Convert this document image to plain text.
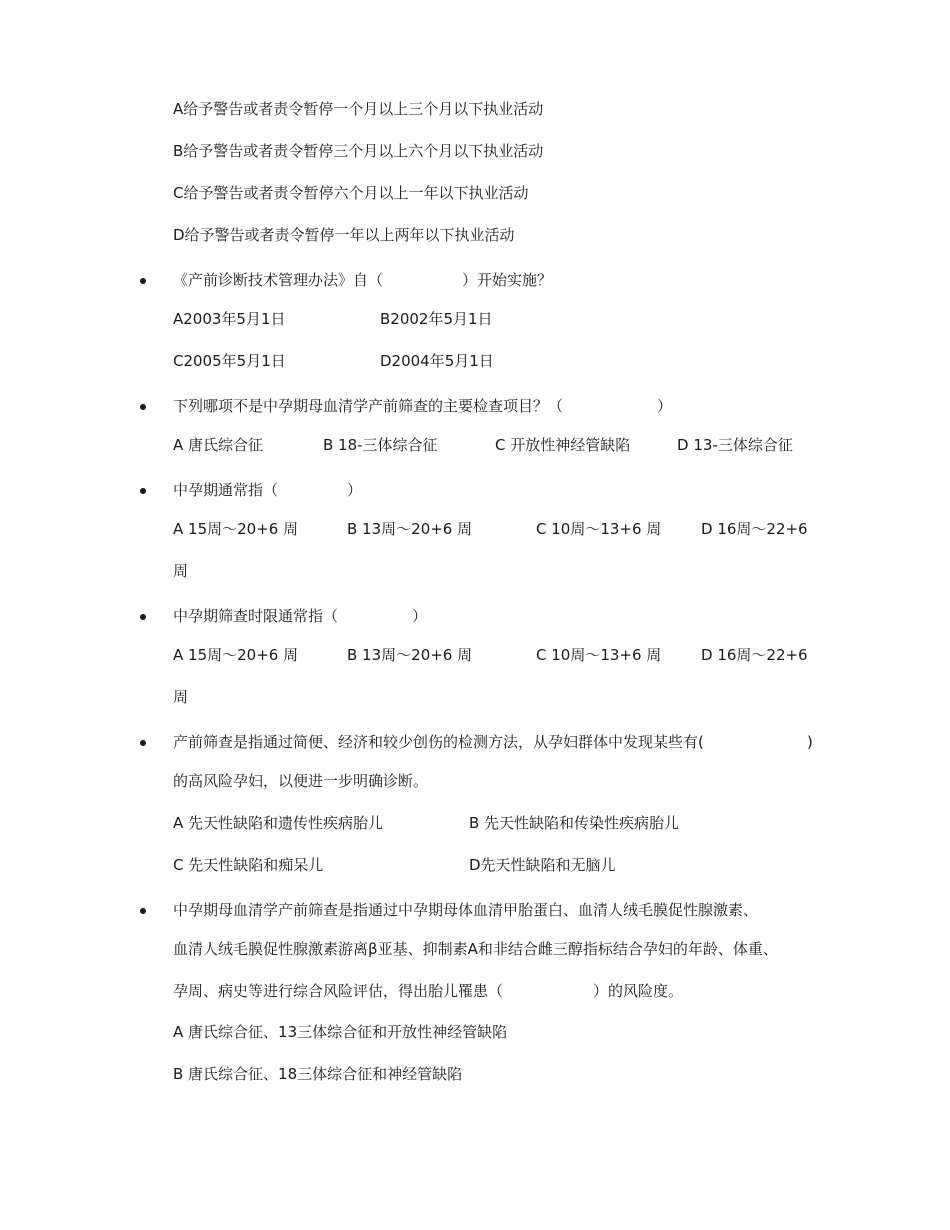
A给予警告或者责令暂停一个月以上三个月以下执业活动
B给予警告或者责令暂停三个月以上六个月以下执业活动
C给予警告或者责令暂停六个月以上一年以下执业活动
D给予警告或者责令暂停一年以上两年以下执业活动
《产前诊断技术管理办法》自（	）开始实施？
A2003年5月1日	B2002年5月1日
C2005年5月1日	D2004年5月1日
下列哪项不是中孕期母血清学产前筛查的主要检查项目？（	）
A 唐氏综合征	B 18-三体综合征	C 开放性神经管缺陷	D 13-三体综合征
中孕期通常指（	）
A 15周～20+6 周	B 13周～20+6 周	C 10周～13+6 周	D 16周～22+6
周
中孕期筛查时限通常指（	）
A 15周～20+6 周	B 13周～20+6 周	C 10周～13+6 周	D 16周～22+6
周
产前筛查是指通过简便、经济和较少创伤的检测方法，从孕妇群体中发现某些有(	)
的高风险孕妇，以便进一步明确诊断。
A 先天性缺陷和遗传性疾病胎儿	B 先天性缺陷和传染性疾病胎儿
C 先天性缺陷和痴呆儿	D先天性缺陷和无脑儿
中孕期母血清学产前筛查是指通过中孕期母体血清甲胎蛋白、血清人绒毛膜促性腺激素、
血清人绒毛膜促性腺激素游离β亚基、抑制素A和非结合雌三醇指标结合孕妇的年龄、体重、
孕周、病史等进行综合风险评估，得出胎儿罹患（	）的风险度。
A 唐氏综合征、13三体综合征和开放性神经管缺陷
B 唐氏综合征、18三体综合征和神经管缺陷
